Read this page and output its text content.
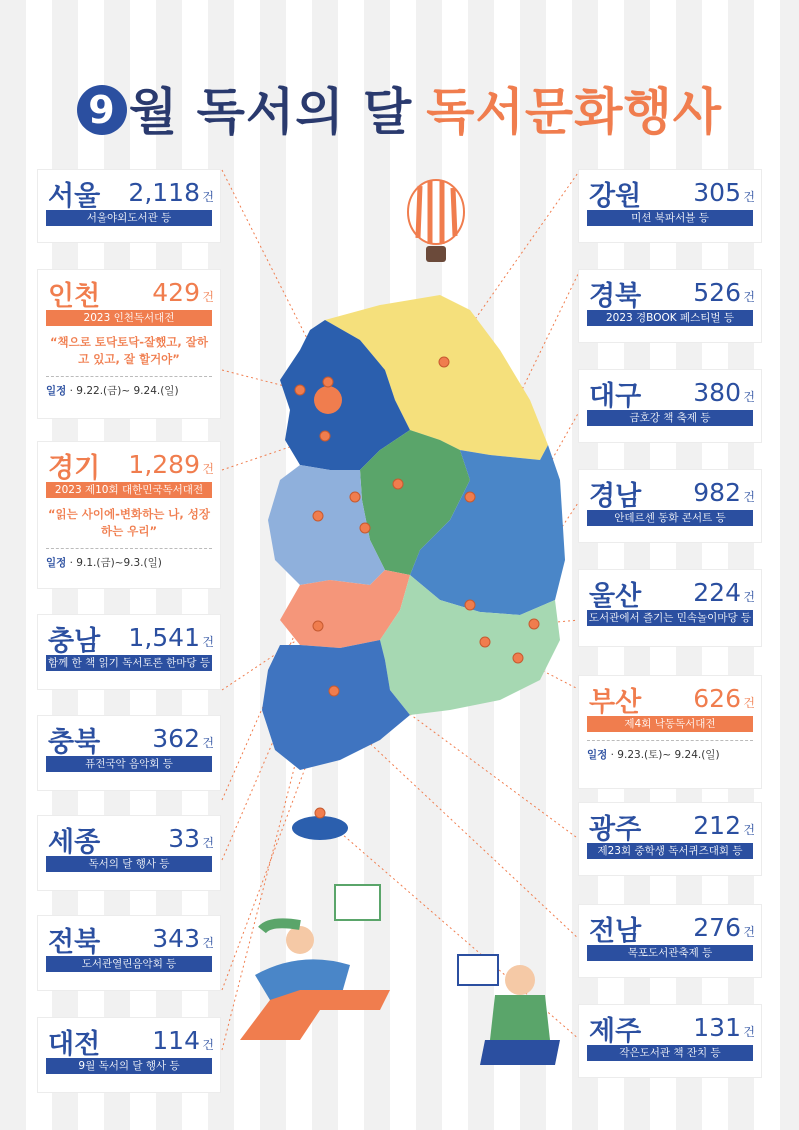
9 월 독서의 달 독서문화행사
서울 2,118 건
서울야외도서관 등
인천 429 건
2023 인천독서대전
“책으로 토닥토닥-잘했고, 잘하고 있고, 잘 할거야”
일정 · 9.22.(금)~ 9.24.(일)
경기 1,289 건
2023 제10회 대한민국독서대전
“읽는 사이에-변화하는 나, 성장하는 우리”
일정 · 9.1.(금)~9.3.(일)
충남 1,541 건
함께 한 책 읽기 독서토론 한마당 등
충북 362 건
퓨전국악 음악회 등
세종	33 건
독서의 달 행사 등
전북 343 건
도서관열린음악회 등
대전 114 건
9월 독서의 달 행사 등
강원 305 건
미션 북파서블 등
경북 526 건
2023 경BOOK 페스티벌 등
대구 380 건
금호강 책 축제 등
경남 982 건
안데르센 동화 콘서트 등
울산 224 건
도서관에서 즐기는 민속놀이마당 등
부산 626 건
제4회 낙동독서대전
일정 · 9.23.(토)~ 9.24.(일)
광주 212 건
제23회 중학생 독서퀴즈대회 등
전남 276 건
목포도서관축제 등
제주 131 건
작은도서관 책 잔치 등
